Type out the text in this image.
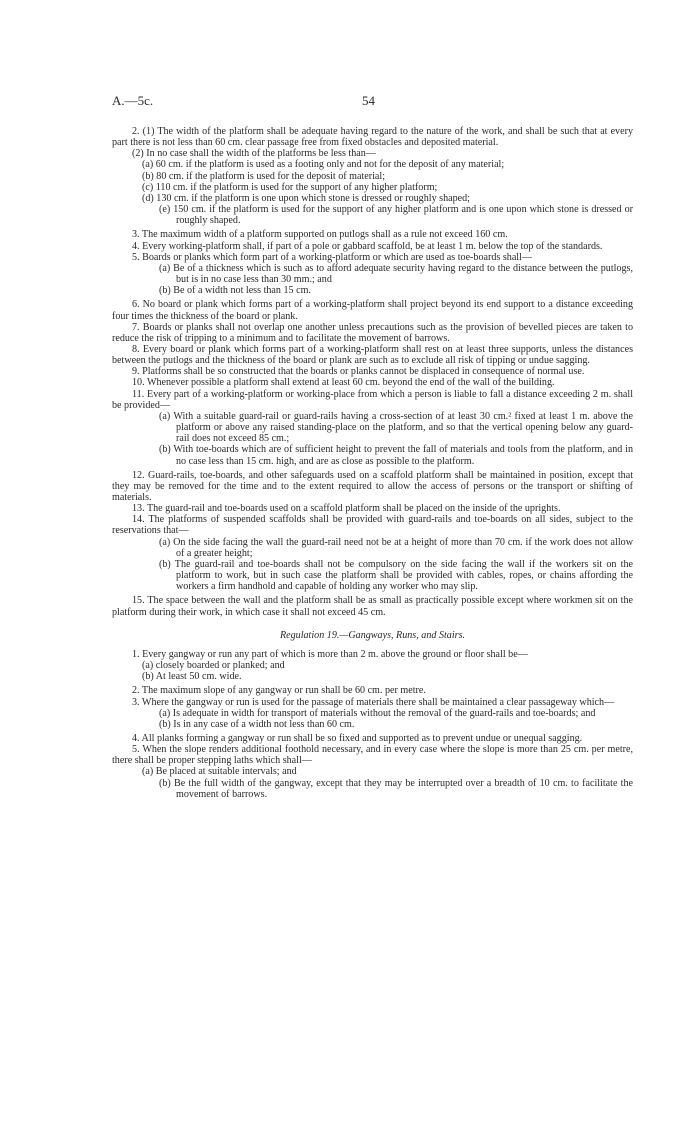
A.—5c.	54

2. (1) The width of the platform shall be adequate having regard to the nature of the work, and shall be such that at every part there is not less than 60 cm. clear passage free from fixed obstacles and deposited material.

(2) In no case shall the width of the platforms be less than—

(a) 60 cm. if the platform is used as a footing only and not for the deposit of any material;

(b) 80 cm. if the platform is used for the deposit of material;

(c) 110 cm. if the platform is used for the support of any higher platform;

(d) 130 cm. if the platform is one upon which stone is dressed or roughly shaped;

(e) 150 cm. if the platform is used for the support of any higher platform and is one upon which stone is dressed or roughly shaped.

3. The maximum width of a platform supported on putlogs shall as a rule not exceed 160 cm.

4. Every working-platform shall, if part of a pole or gabbard scaffold, be at least 1 m. below the top of the standards.

5. Boards or planks which form part of a working-platform or which are used as toe-boards shall—

(a) Be of a thickness which is such as to afford adequate security having regard to the distance between the putlogs, but is in no case less than 30 mm.; and

(b) Be of a width not less than 15 cm.

6. No board or plank which forms part of a working-platform shall project beyond its end support to a distance exceeding four times the thickness of the board or plank.

7. Boards or planks shall not overlap one another unless precautions such as the provision of bevelled pieces are taken to reduce the risk of tripping to a minimum and to facilitate the movement of barrows.

8. Every board or plank which forms part of a working-platform shall rest on at least three supports, unless the distances between the putlogs and the thickness of the board or plank are such as to exclude all risk of tipping or undue sagging.

9. Platforms shall be so constructed that the boards or planks cannot be displaced in consequence of normal use.

10. Whenever possible a platform shall extend at least 60 cm. beyond the end of the wall of the building.

11. Every part of a working-platform or working-place from which a person is liable to fall a distance exceeding 2 m. shall be provided—

(a) With a suitable guard-rail or guard-rails having a cross-section of at least 30 cm.² fixed at least 1 m. above the platform or above any raised standing-place on the platform, and so that the vertical opening below any guard-rail does not exceed 85 cm.;

(b) With toe-boards which are of sufficient height to prevent the fall of materials and tools from the platform, and in no case less than 15 cm. high, and are as close as possible to the platform.

12. Guard-rails, toe-boards, and other safeguards used on a scaffold platform shall be maintained in position, except that they may be removed for the time and to the extent required to allow the access of persons or the transport or shifting of materials.

13. The guard-rail and toe-boards used on a scaffold platform shall be placed on the inside of the uprights.

14. The platforms of suspended scaffolds shall be provided with guard-rails and toe-boards on all sides, subject to the reservations that—

(a) On the side facing the wall the guard-rail need not be at a height of more than 70 cm. if the work does not allow of a greater height;

(b) The guard-rail and toe-boards shall not be compulsory on the side facing the wall if the workers sit on the platform to work, but in such case the platform shall be provided with cables, ropes, or chains affording the workers a firm handhold and capable of holding any worker who may slip.

15. The space between the wall and the platform shall be as small as practically possible except where workmen sit on the platform during their work, in which case it shall not exceed 45 cm.

Regulation 19.—Gangways, Runs, and Stairs.

1. Every gangway or run any part of which is more than 2 m. above the ground or floor shall be—

(a) closely boarded or planked; and

(b) At least 50 cm. wide.

2. The maximum slope of any gangway or run shall be 60 cm. per metre.

3. Where the gangway or run is used for the passage of materials there shall be maintained a clear passageway which—

(a) Is adequate in width for transport of materials without the removal of the guard-rails and toe-boards; and

(b) Is in any case of a width not less than 60 cm.

4. All planks forming a gangway or run shall be so fixed and supported as to prevent undue or unequal sagging.

5. When the slope renders additional foothold necessary, and in every case where the slope is more than 25 cm. per metre, there shall be proper stepping laths which shall—

(a) Be placed at suitable intervals; and

(b) Be the full width of the gangway, except that they may be interrupted over a breadth of 10 cm. to facilitate the movement of barrows.
